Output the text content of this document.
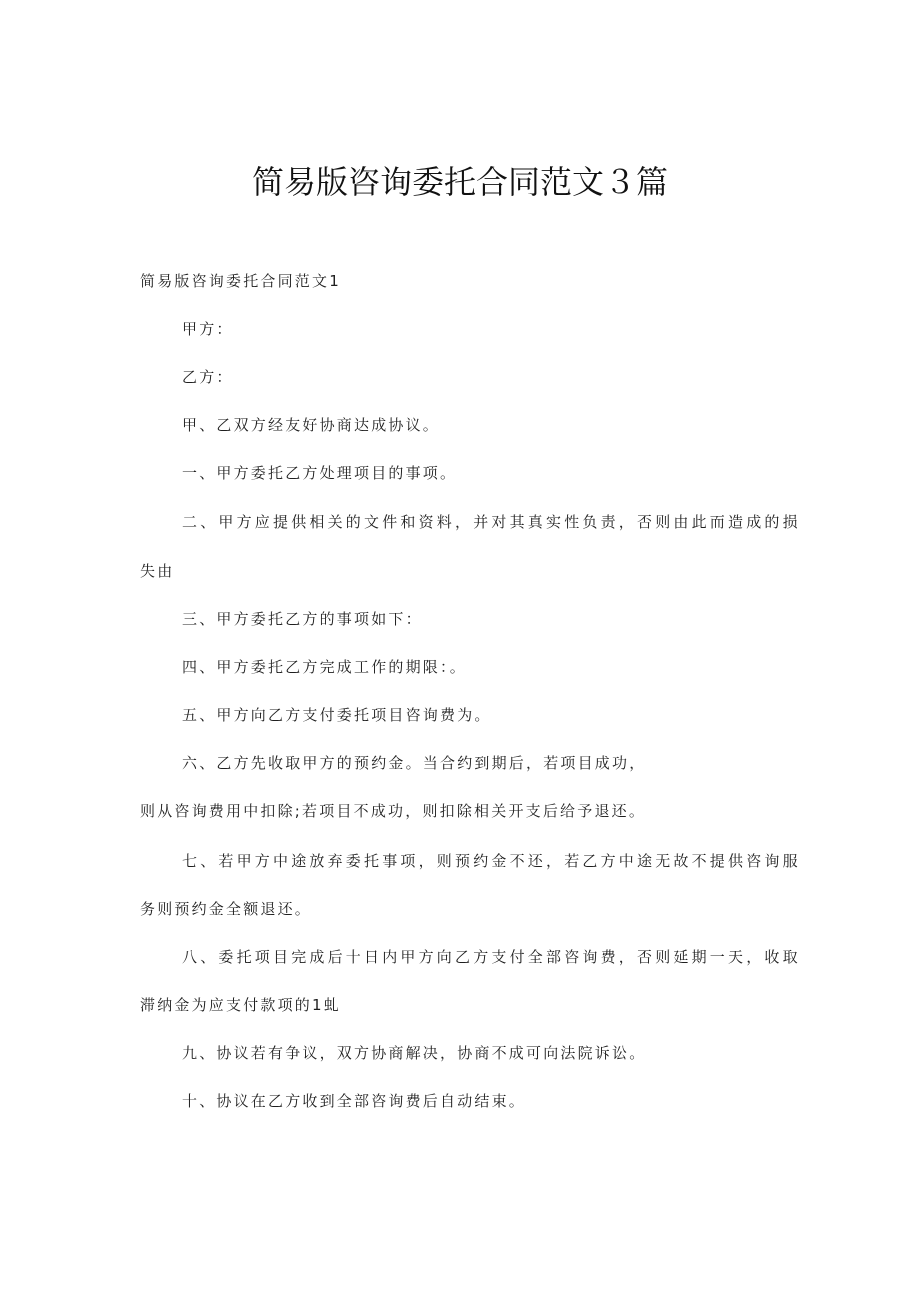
简易版咨询委托合同范文３篇

简易版咨询委托合同范文1

甲方：

乙方：

甲、乙双方经友好协商达成协议。

一、甲方委托乙方处理项目的事项。

二、甲方应提供相关的文件和资料，并对其真实性负责，否则由此而造成的损

失由

三、甲方委托乙方的事项如下：

四、甲方委托乙方完成工作的期限：。

五、甲方向乙方支付委托项目咨询费为。

六、乙方先收取甲方的预约金。当合约到期后，若项目成功，

则从咨询费用中扣除;若项目不成功，则扣除相关开支后给予退还。

七、若甲方中途放弃委托事项，则预约金不还，若乙方中途无故不提供咨询服

务则预约金全额退还。

八、委托项目完成后十日内甲方向乙方支付全部咨询费，否则延期一天，收取

滞纳金为应支付款项的1虬

九、协议若有争议，双方协商解决，协商不成可向法院诉讼。

十、协议在乙方收到全部咨询费后自动结束。
